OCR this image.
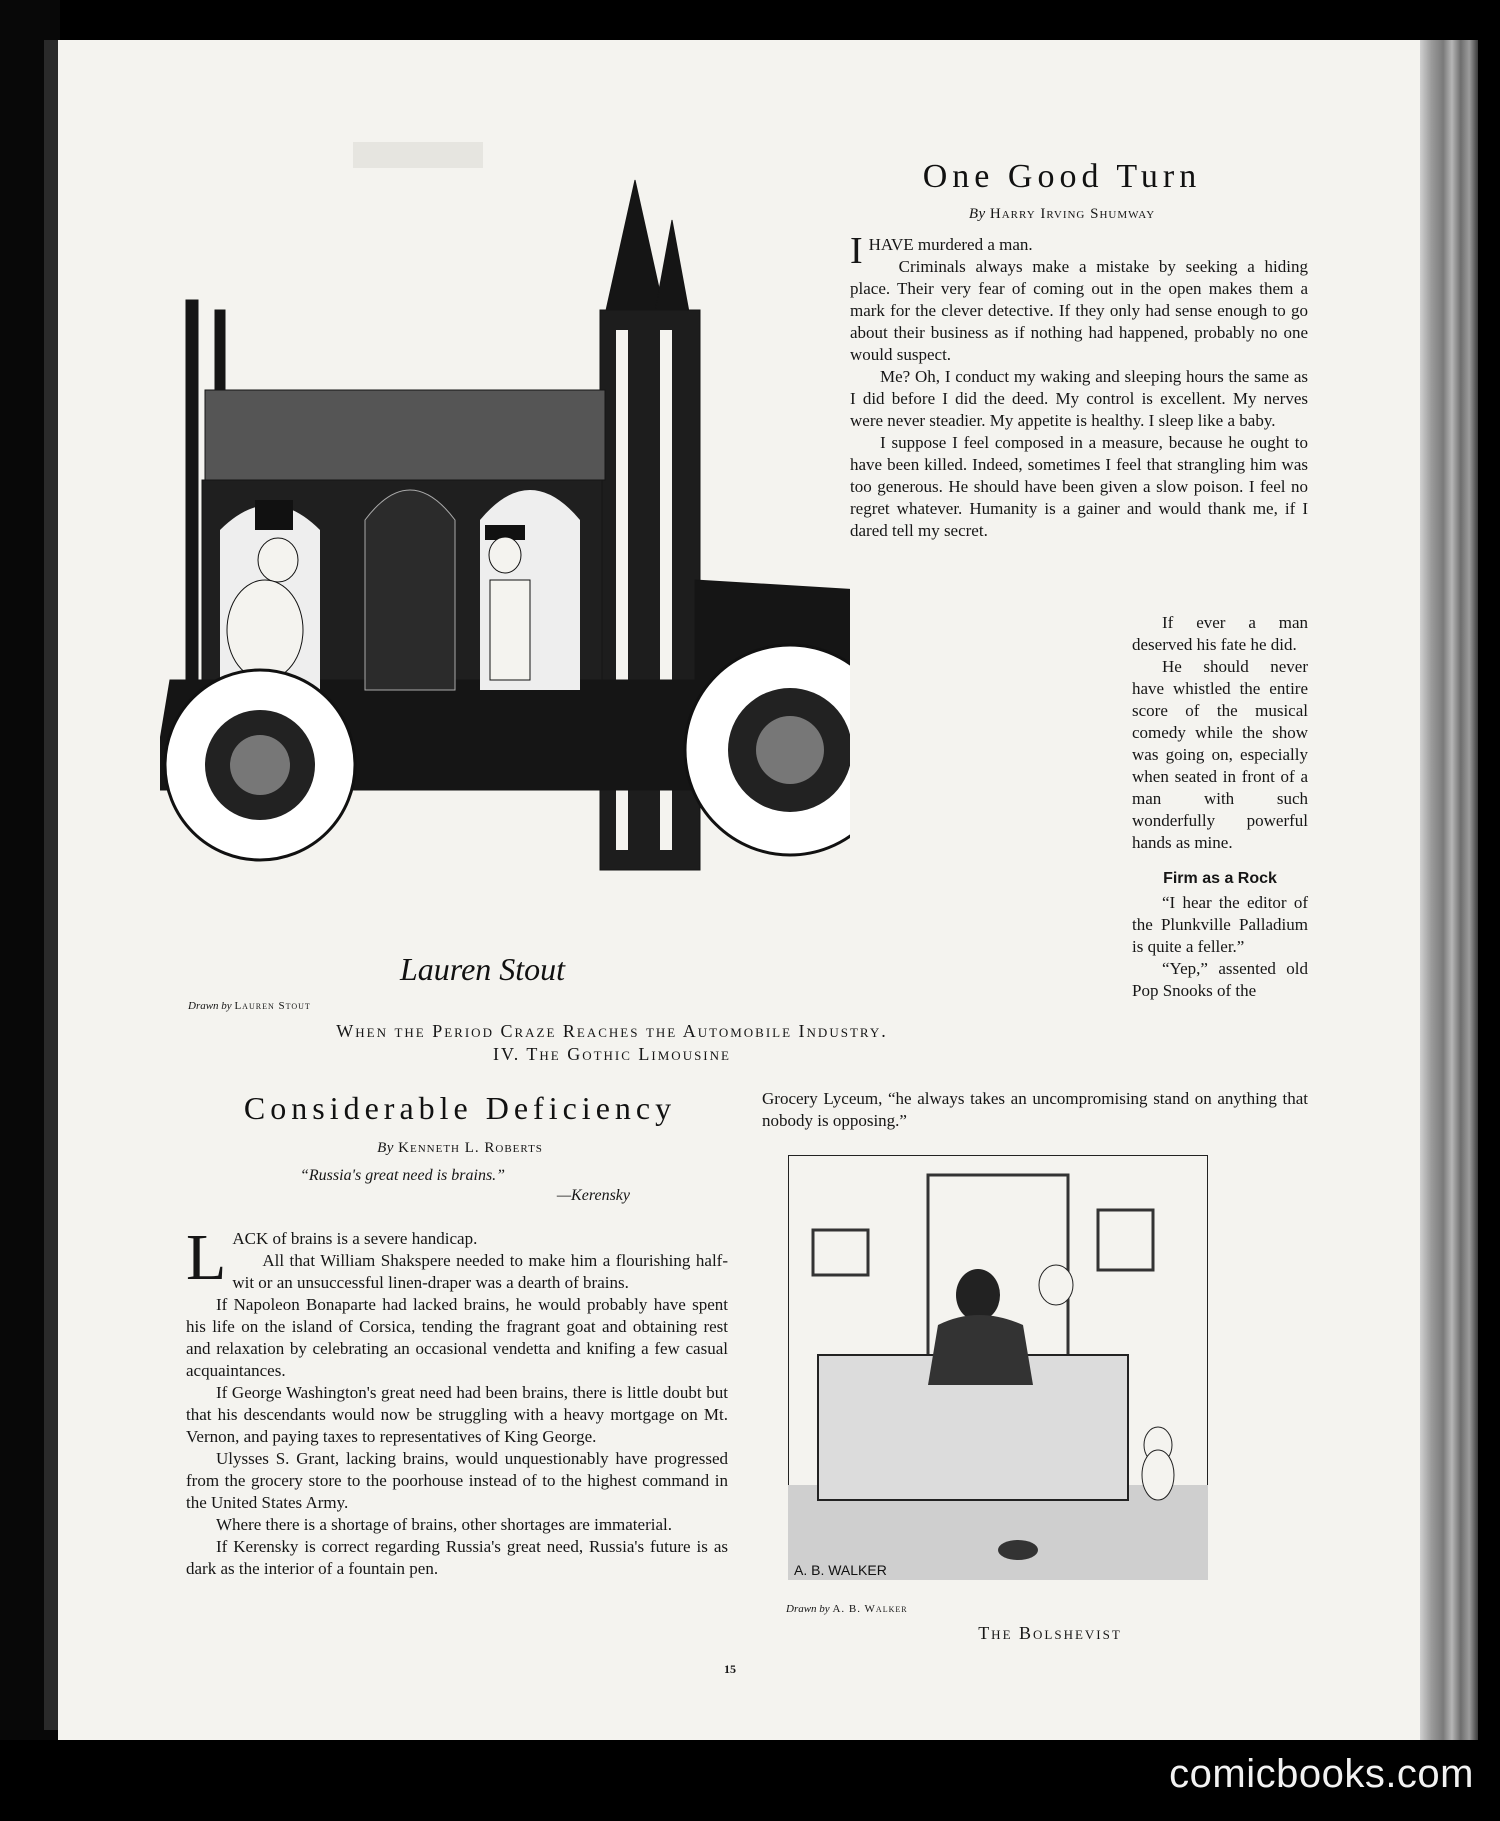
One Good Turn
By Harry Irving Shumway

IHAVE murdered a man.

Criminals always make a mistake by seeking a hiding place. Their very fear of coming out in the open makes them a mark for the clever detective. If they only had sense enough to go about their business as if nothing had happened, probably no one would suspect.

Me? Oh, I conduct my waking and sleeping hours the same as I did before I did the deed. My control is excellent. My nerves were never steadier. My appetite is healthy. I sleep like a baby.

I suppose I feel composed in a measure, because he ought to have been killed. Indeed, sometimes I feel that strangling him was too generous. He should have been given a slow poison. I feel no regret whatever. Humanity is a gainer and would thank me, if I dared tell my secret.

If ever a man deserved his fate he did.

He should never have whistled the entire score of the musical comedy while the show was going on, especially when seated in front of a man with such wonderfully powerful hands as mine.

Firm as a Rock

“I hear the editor of the Plunkville Palladium is quite a feller.”

“Yep,” assented old Pop Snooks of the

Grocery Lyceum, “he always takes an uncompromising stand on anything that nobody is opposing.”
Lauren Stout
Drawn by Lauren Stout
When the Period Craze Reaches the Automobile Industry.
IV. The Gothic Limousine
Considerable Deficiency
By Kenneth L. Roberts
“Russia's great need is brains.”
—Kerensky

LACK of brains is a severe handicap.

All that William Shakspere needed to make him a flourishing half-wit or an unsuccessful linen-draper was a dearth of brains.

If Napoleon Bonaparte had lacked brains, he would probably have spent his life on the island of Corsica, tending the fragrant goat and obtaining rest and relaxation by celebrating an occasional vendetta and knifing a few casual acquaintances.

If George Washington's great need had been brains, there is little doubt but that his descendants would now be struggling with a heavy mortgage on Mt. Vernon, and paying taxes to representatives of King George.

Ulysses S. Grant, lacking brains, would unquestionably have progressed from the grocery store to the poorhouse instead of to the highest command in the United States Army.

Where there is a shortage of brains, other shortages are immaterial.

If Kerensky is correct regarding Russia's great need, Russia's future is as dark as the interior of a fountain pen.	A. B. WALKER
Drawn by A. B. Walker
The Bolshevist
15
comicbooks.com
